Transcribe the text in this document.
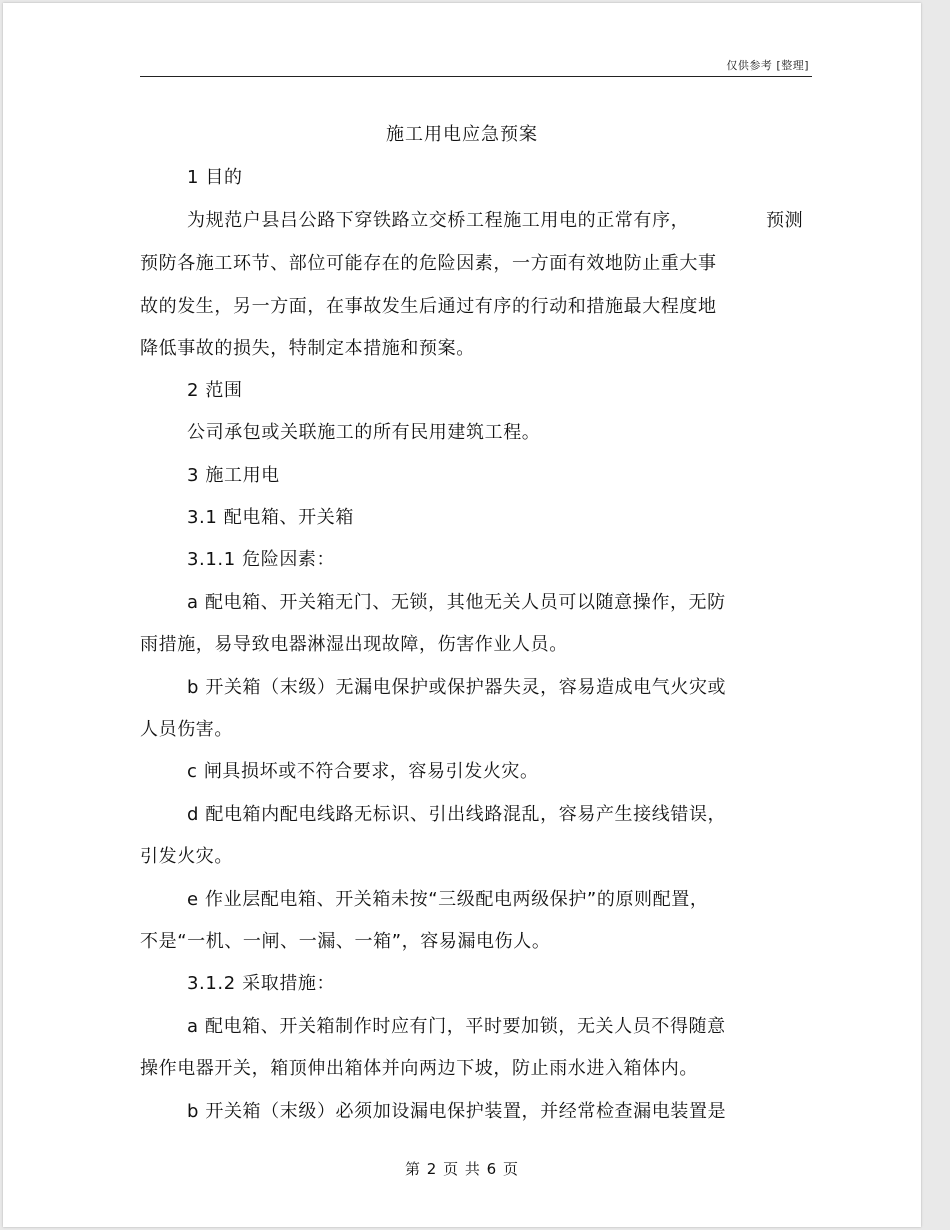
仅供参考 [整理]
施工用电应急预案
1 目的
为规范户县吕公路下穿铁路立交桥工程施工用电的正常有序，	预测
预防各施工环节、部位可能存在的危险因素，一方面有效地防止重大事
故的发生，另一方面，在事故发生后通过有序的行动和措施最大程度地
降低事故的损失，特制定本措施和预案。
2 范围
公司承包或关联施工的所有民用建筑工程。
3 施工用电
3.1 配电箱、开关箱
3.1.1 危险因素：
a 配电箱、开关箱无门、无锁，其他无关人员可以随意操作，无防
雨措施，易导致电器淋湿出现故障，伤害作业人员。
b 开关箱（末级）无漏电保护或保护器失灵，容易造成电气火灾或
人员伤害。
c 闸具损坏或不符合要求，容易引发火灾。
d 配电箱内配电线路无标识、引出线路混乱，容易产生接线错误，
引发火灾。
e 作业层配电箱、开关箱未按“三级配电两级保护”的原则配置，
不是“一机、一闸、一漏、一箱”，容易漏电伤人。
3.1.2 采取措施：
a 配电箱、开关箱制作时应有门，平时要加锁，无关人员不得随意
操作电器开关，箱顶伸出箱体并向两边下坡，防止雨水进入箱体内。
b 开关箱（末级）必须加设漏电保护装置，并经常检查漏电装置是
第 2 页 共 6 页
